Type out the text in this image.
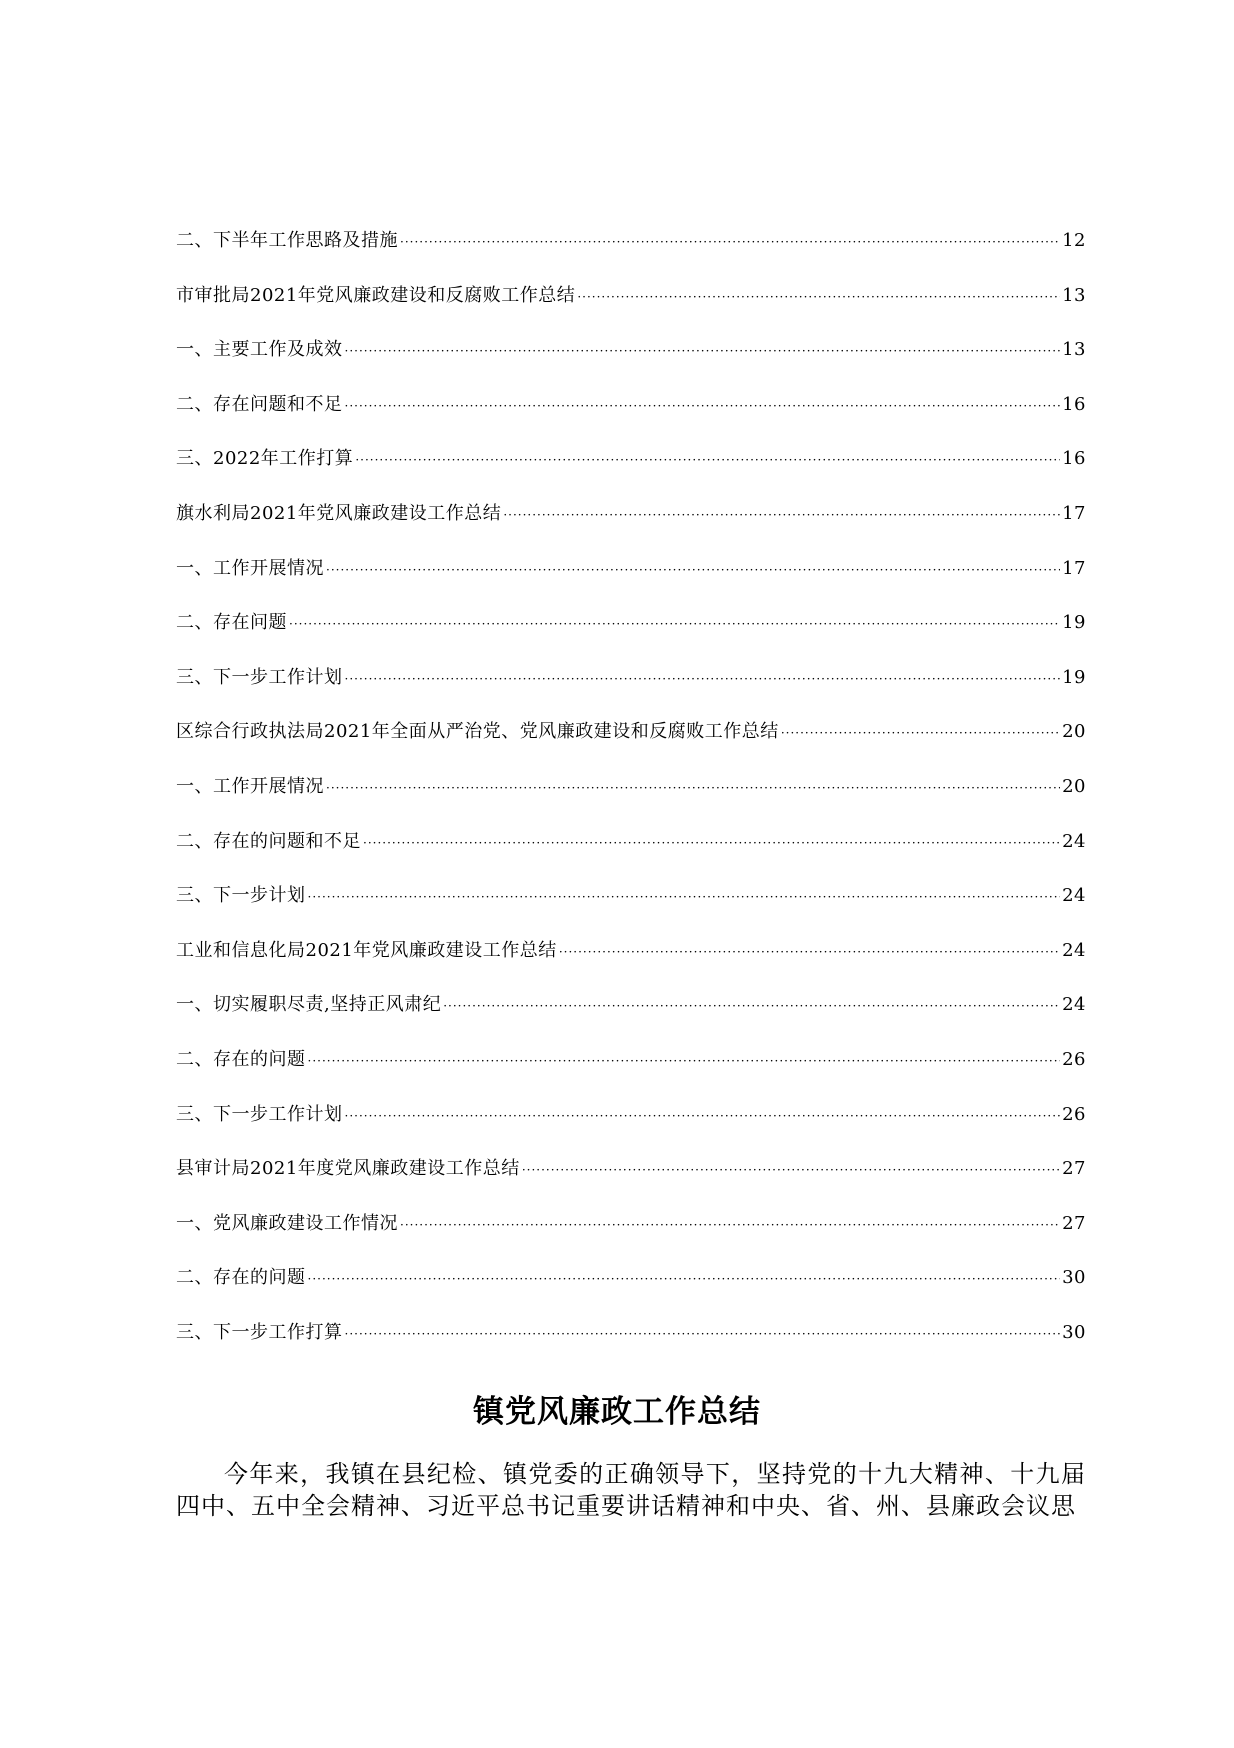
二、下半年工作思路及措施 ·····	12
市审批局2021年党风廉政建设和反腐败工作总结 ·····	13
一、主要工作及成效 ·····	13
二、存在问题和不足 ·····	16
三、2022年工作打算 ·····	16
旗水利局2021年党风廉政建设工作总结 ·····	17
一、工作开展情况 ·····	17
二、存在问题 ·····	19
三、下一步工作计划 ·····	19
区综合行政执法局2021年全面从严治党、党风廉政建设和反腐败工作总结 ·····	20
一、工作开展情况 ·····	20
二、存在的问题和不足 ·····	24
三、下一步计划 ·····	24
工业和信息化局2021年党风廉政建设工作总结 ·····	24
一、切实履职尽责,坚持正风肃纪 ·····	24
二、存在的问题 ·····	26
三、下一步工作计划 ·····	26
县审计局2021年度党风廉政建设工作总结 ·····	27
一、党风廉政建设工作情况 ·····	27
二、存在的问题 ·····	30
三、下一步工作打算 ·····	30
镇党风廉政工作总结

今年来，我镇在县纪检、镇党委的正确领导下，坚持党的十九大精神、十九届四中、五中全会精神、习近平总书记重要讲话精神和中央、省、州、县廉政会议思
